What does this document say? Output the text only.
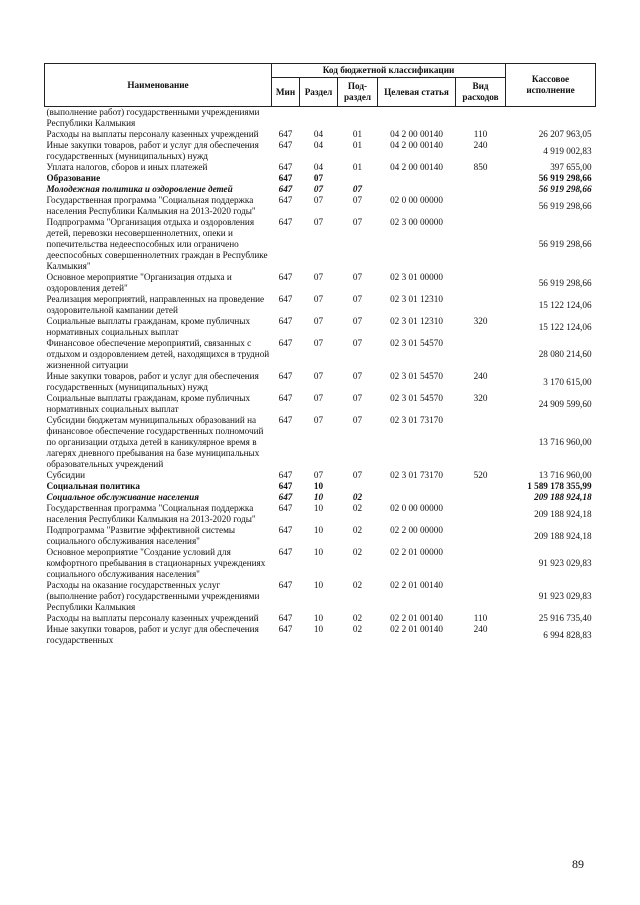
Наименование	Код бюджетной классификации					Кассовое исполнение
	Мин	Раздел	Под-раздел	Целевая статья	Вид расходов	
(выполнение работ) государственными учреждениями Республики Калмыкия						
Расходы на выплаты персоналу казенных учреждений	647	04	01	04 2 00 00140	110	26 207 963,05
Иные закупки товаров, работ и услуг для обеспечения государственных (муниципальных) нужд	647	04	01	04 2 00 00140	240	4 919 002,83
Уплата налогов, сборов и иных платежей	647	04	01	04 2 00 00140	850	397 655,00
Образование	647	07				56 919 298,66
Молодежная политика и оздоровление детей	647	07	07			56 919 298,66
Государственная программа "Социальная поддержка населения Республики Калмыкия на 2013-2020 годы"	647	07	07	02 0 00 00000		56 919 298,66
Подпрограмма "Организация отдыха и оздоровления детей, перевозки несовершеннолетних, опеки и попечительства недееспособных или ограничено дееспособных совершеннолетних граждан в Республике Калмыкия"	647	07	07	02 3 00 00000		56 919 298,66
Основное мероприятие "Организация отдыха и оздоровления детей"	647	07	07	02 3 01 00000		56 919 298,66
Реализация мероприятий, направленных на проведение оздоровительной кампании детей	647	07	07	02 3 01 12310		15 122 124,06
Социальные выплаты гражданам, кроме публичных нормативных социальных выплат	647	07	07	02 3 01 12310	320	15 122 124,06
Финансовое обеспечение мероприятий, связанных с отдыхом и оздоровлением детей, находящихся в трудной жизненной ситуации	647	07	07	02 3 01 54570		28 080 214,60
Иные закупки товаров, работ и услуг для обеспечения государственных (муниципальных) нужд	647	07	07	02 3 01 54570	240	3 170 615,00
Социальные выплаты гражданам, кроме публичных нормативных социальных выплат	647	07	07	02 3 01 54570	320	24 909 599,60
Субсидии бюджетам муниципальных образований на финансовое обеспечение государственных полномочий по организации отдыха детей в каникулярное время в лагерях дневного пребывания на базе муниципальных образовательных учреждений	647	07	07	02 3 01 73170		13 716 960,00
Субсидии	647	07	07	02 3 01 73170	520	13 716 960,00
Социальная политика	647	10				1 589 178 355,99
Социальное обслуживание населения	647	10	02			209 188 924,18
Государственная программа "Социальная поддержка населения Республики Калмыкия на 2013-2020 годы"	647	10	02	02 0 00 00000		209 188 924,18
Подпрограмма "Развитие эффективной системы социального обслуживания населения"	647	10	02	02 2 00 00000		209 188 924,18
Основное мероприятие "Создание условий для комфортного пребывания в стационарных учреждениях социального обслуживания населения"	647	10	02	02 2 01 00000		91 923 029,83
Расходы на оказание государственных услуг (выполнение работ) государственными учреждениями Республики Калмыкия	647	10	02	02 2 01 00140		91 923 029,83
Расходы на выплаты персоналу казенных учреждений	647	10	02	02 2 01 00140	110	25 916 735,40
Иные закупки товаров, работ и услуг для обеспечения государственных	647	10	02	02 2 01 00140	240	6 994 828,83
89
